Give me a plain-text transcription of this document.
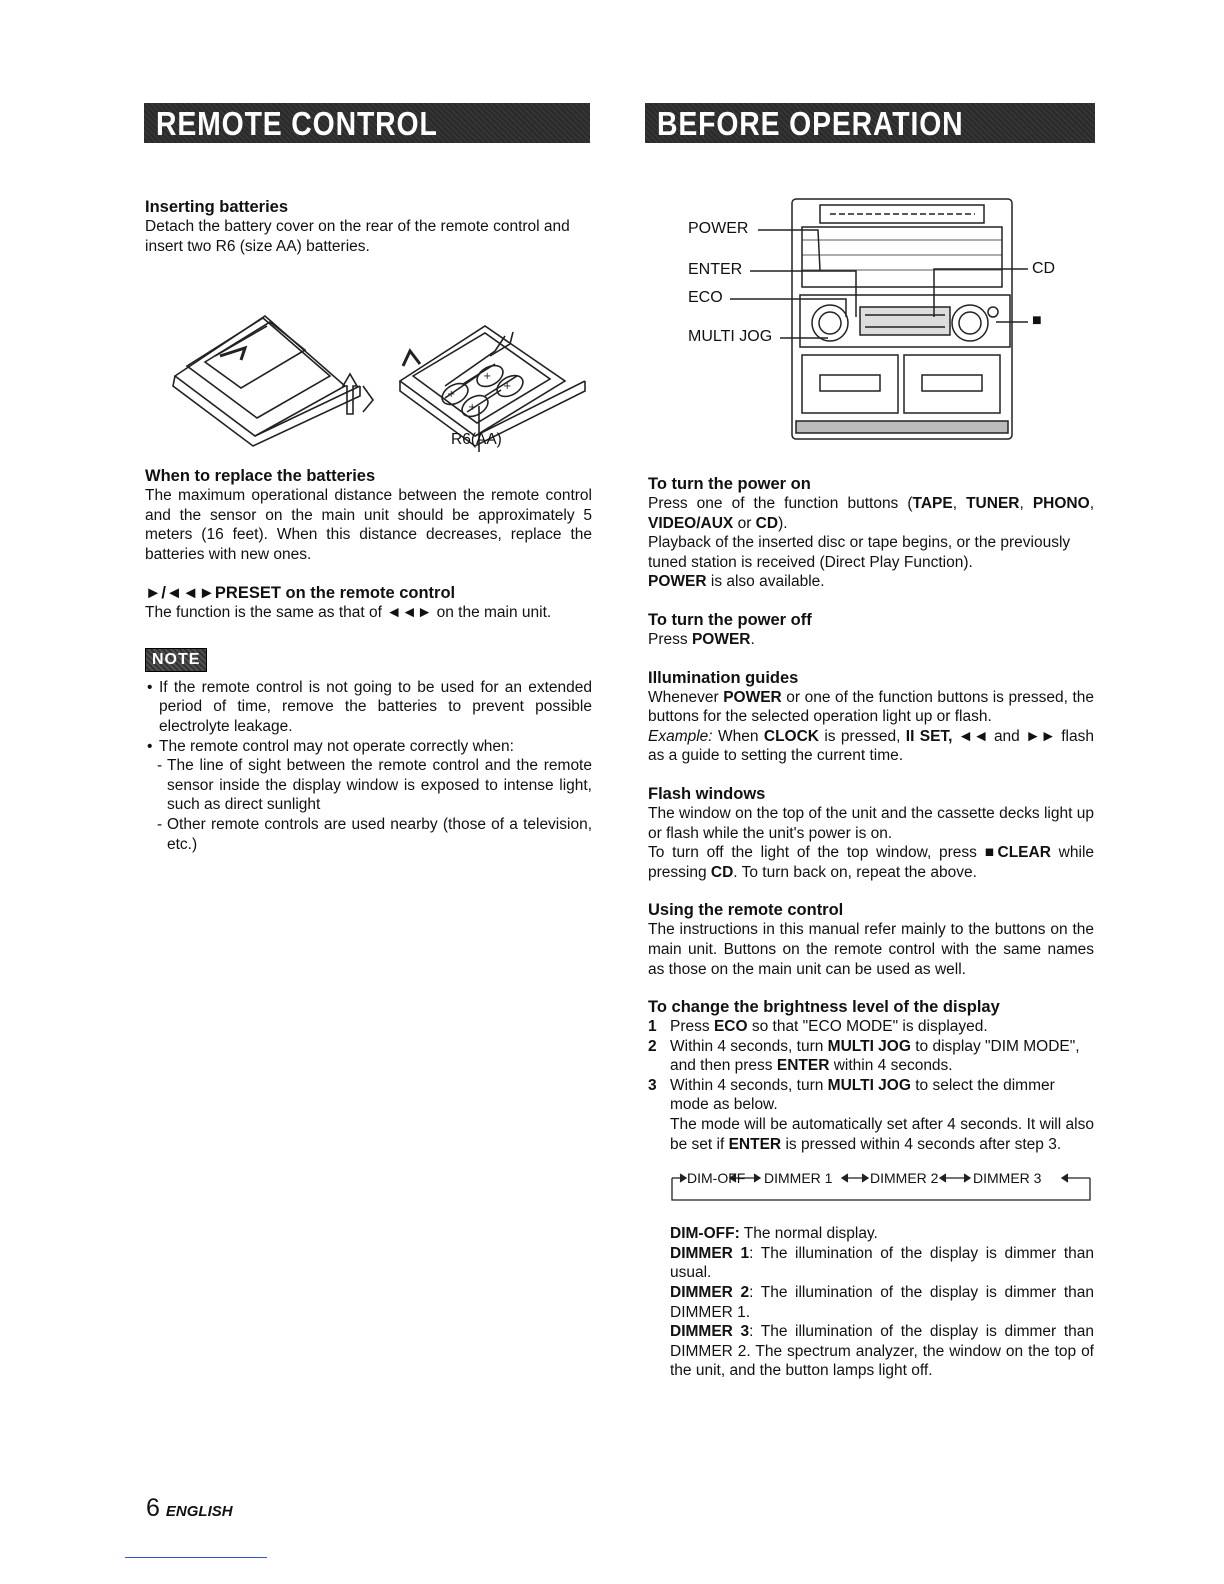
REMOTE CONTROL	BEFORE OPERATION
Inserting batteries

Detach the battery cover on the rear of the remote control and insert two R6 (size AA) batteries.

+
+
+
+
R6(AA)
When to replace the batteries

The maximum operational distance between the remote control and the sensor on the main unit should be approximately 5 meters (16 feet). When this distance decreases, replace the batteries with new ones.

►/◄◄►PRESET on the remote control

The function is the same as that of ◄◄► on the main unit.

NOTE
• If the remote control is not going to be used for an extended period of time, remove the batteries to prevent possible electrolyte leakage.
• The remote control may not operate correctly when:
- The line of sight between the remote control and the remote sensor inside the display window is exposed to intense light, such as direct sunlight
- Other remote controls are used nearby (those of a television, etc.)
POWER
ENTER
ECO
MULTI JOG
CD
■
To turn the power on

Press one of the function buttons (TAPE, TUNER, PHONO, VIDEO/AUX or CD).

Playback of the inserted disc or tape begins, or the previously tuned station is received (Direct Play Function).

POWER is also available.

To turn the power off

Press POWER.

Illumination guides

Whenever POWER or one of the function buttons is pressed, the buttons for the selected operation light up or flash.

Example: When CLOCK is pressed, II SET, ◄◄ and ►► flash as a guide to setting the current time.

Flash windows

The window on the top of the unit and the cassette decks light up or flash while the unit's power is on.

To turn off the light of the top window, press ■CLEAR while pressing CD. To turn back on, repeat the above.

Using the remote control

The instructions in this manual refer mainly to the buttons on the main unit. Buttons on the remote control with the same names as those on the main unit can be used as well.

To change the brightness level of the display
1 Press ECO so that "ECO MODE" is displayed.
2 Within 4 seconds, turn MULTI JOG to display "DIM MODE", and then press ENTER within 4 seconds.
3 Within 4 seconds, turn MULTI JOG to select the dimmer mode as below.

The mode will be automatically set after 4 seconds. It will also be set if ENTER is pressed within 4 seconds after step 3.

DIM-OFF DIMMER 1	DIMMER 2 DIMMER 3

DIM-OFF: The normal display.

DIMMER 1: The illumination of the display is dimmer than usual.

DIMMER 2: The illumination of the display is dimmer than DIMMER 1.

DIMMER 3: The illumination of the display is dimmer than DIMMER 2. The spectrum analyzer, the window on the top of the unit, and the button lamps light off.

6 ENGLISH
